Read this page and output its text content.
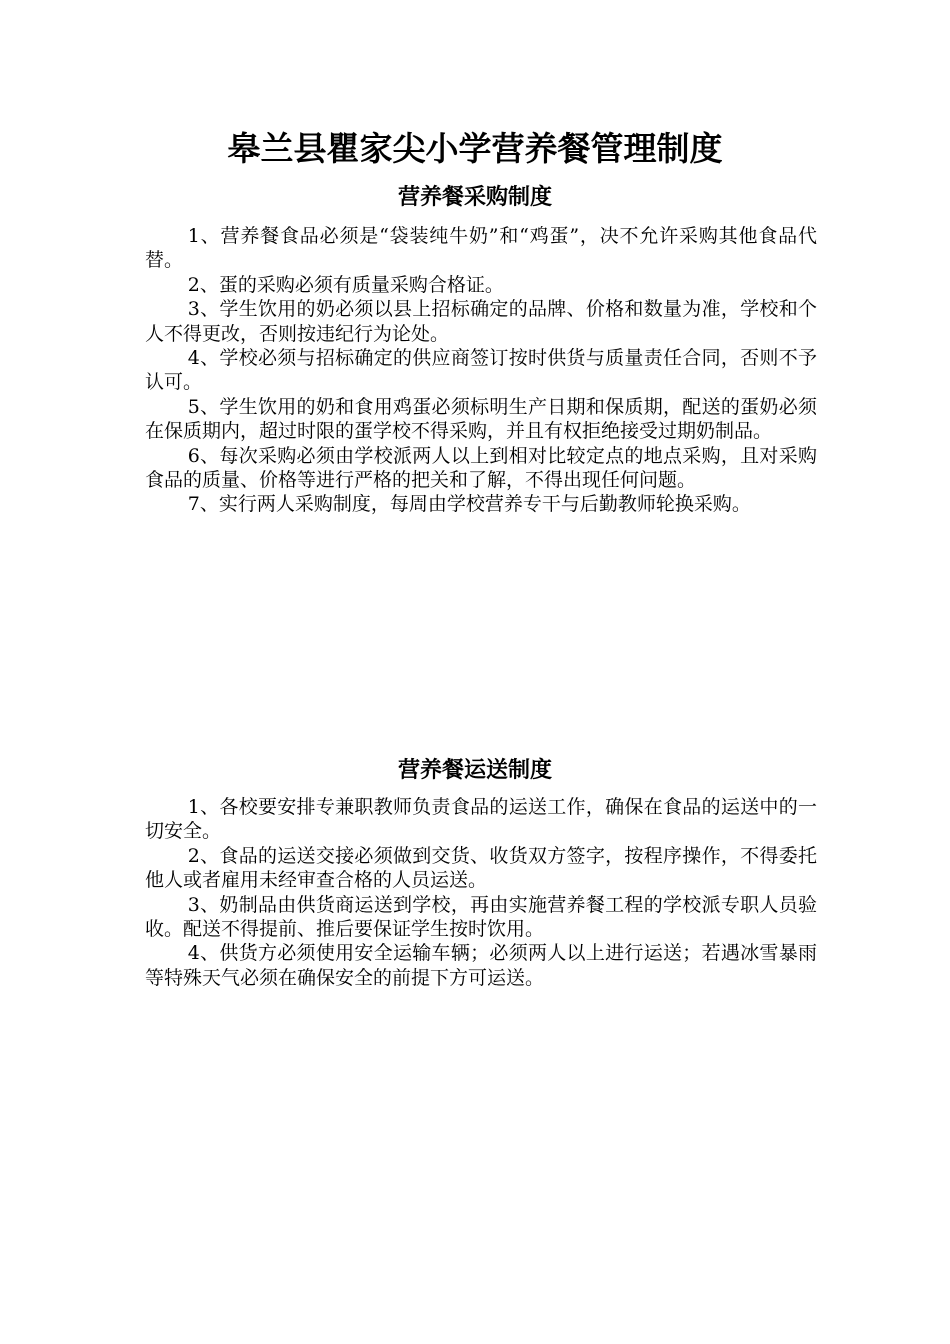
皋兰县瞿家尖小学营养餐管理制度
营养餐采购制度

1、营养餐食品必须是“袋装纯牛奶”和“鸡蛋”，决不允许采购其他食品代替。

2、蛋的采购必须有质量采购合格证。

3、学生饮用的奶必须以县上招标确定的品牌、价格和数量为准，学校和个人不得更改，否则按违纪行为论处。

4、学校必须与招标确定的供应商签订按时供货与质量责任合同，否则不予认可。

5、学生饮用的奶和食用鸡蛋必须标明生产日期和保质期，配送的蛋奶必须在保质期内，超过时限的蛋学校不得采购，并且有权拒绝接受过期奶制品。

6、每次采购必须由学校派两人以上到相对比较定点的地点采购，且对采购食品的质量、价格等进行严格的把关和了解，不得出现任何问题。

7、实行两人采购制度，每周由学校营养专干与后勤教师轮换采购。

营养餐运送制度

1、各校要安排专兼职教师负责食品的运送工作，确保在食品的运送中的一切安全。

2、食品的运送交接必须做到交货、收货双方签字，按程序操作，不得委托他人或者雇用未经审查合格的人员运送。

3、奶制品由供货商运送到学校，再由实施营养餐工程的学校派专职人员验收。配送不得提前、推后要保证学生按时饮用。

4、供货方必须使用安全运输车辆；必须两人以上进行运送；若遇冰雪暴雨等特殊天气必须在确保安全的前提下方可运送。
